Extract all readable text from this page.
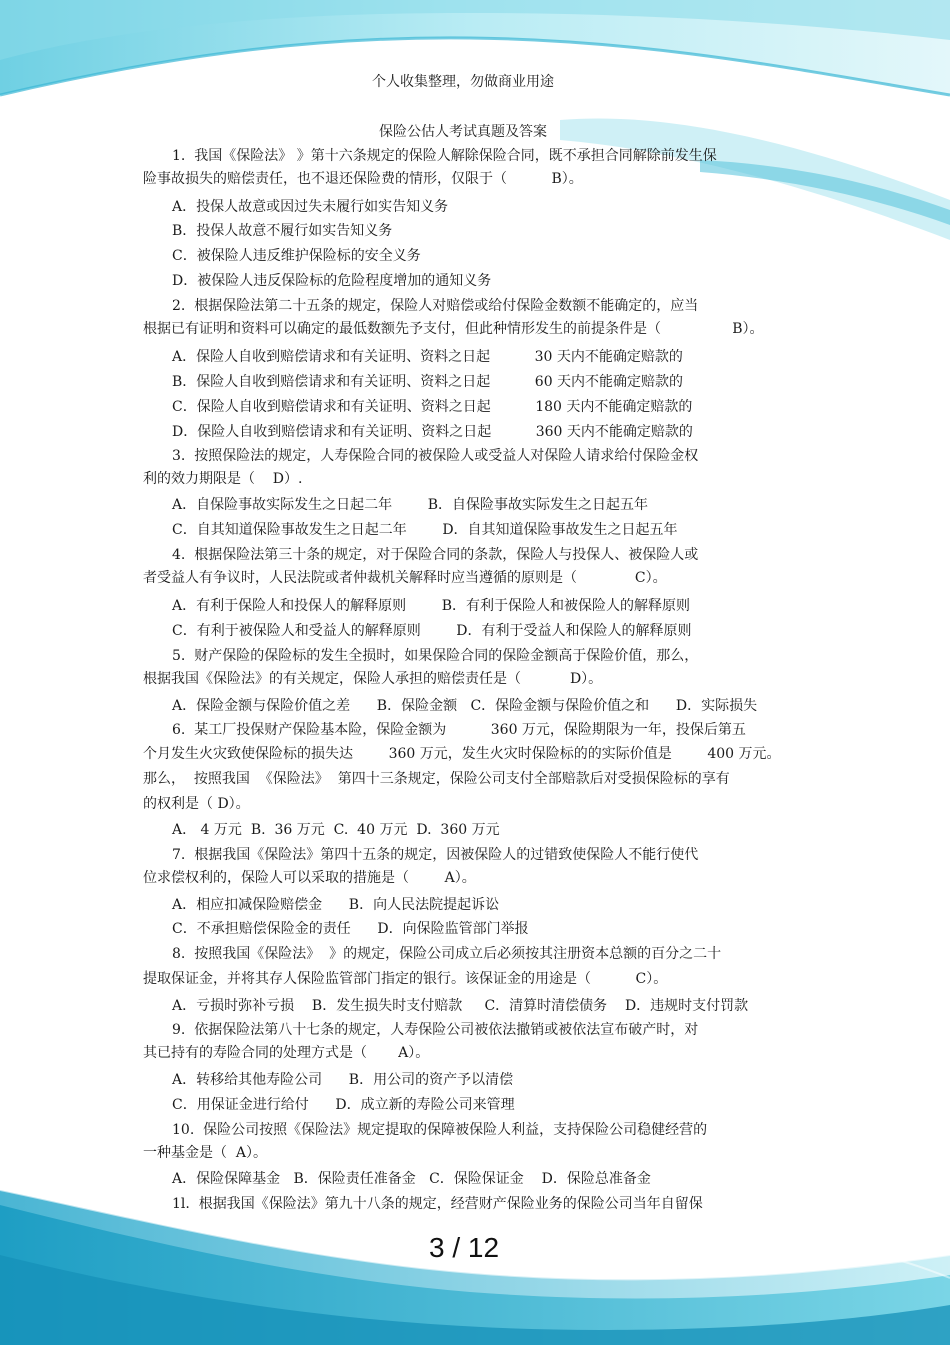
个人收集整理，勿做商业用途
保险公估人考试真题及答案
1.  我国《保险法》 》第十六条规定的保险人解除保险合同，既不承担合同解除前发生保
险事故损失的赔偿责任，也不退还保险费的情形，仅限于（          B）。
A．投保人故意或因过失未履行如实告知义务
B．投保人故意不履行如实告知义务
C．被保险人违反维护保险标的安全义务
D．被保险人违反保险标的危险程度增加的通知义务
2.  根据保险法第二十五条的规定，保险人对赔偿或给付保险金数额不能确定的，应当
根据已有证明和资料可以确定的最低数额先予支付，但此种情形发生的前提条件是（                B）。
A．保险人自收到赔偿请求和有关证明、资料之日起          30 天内不能确定赔款的
B．保险人自收到赔偿请求和有关证明、资料之日起          60 天内不能确定赔款的
C．保险人自收到赔偿请求和有关证明、资料之日起          180 天内不能确定赔款的
D．保险人自收到赔偿请求和有关证明、资料之日起          360 天内不能确定赔款的
3.  按照保险法的规定，人寿保险合同的被保险人或受益人对保险人请求给付保险金权
利的效力期限是（    D）.
A．自保险事故实际发生之日起二年        B．自保险事故实际发生之日起五年
C．自其知道保险事故发生之日起二年        D．自其知道保险事故发生之日起五年
4.  根据保险法第三十条的规定，对于保险合同的条款，保险人与投保人、被保险人或
者受益人有争议时，人民法院或者仲裁机关解释时应当遵循的原则是（             C）。
A．有利于保险人和投保人的解释原则        B．有利于保险人和被保险人的解释原则
C．有利于被保险人和受益人的解释原则        D．有利于受益人和保险人的解释原则
5.  财产保险的保险标的发生全损时，如果保险合同的保险金额高于保险价值，那么，
根据我国《保险法》的有关规定，保险人承担的赔偿责任是（           D）。
A．保险金额与保险价值之差      B．保险金额   C．保险金额与保险价值之和      D．实际损失
6.  某工厂投保财产保险基本险，保险金额为          360 万元，保险期限为一年，投保后第五
个月发生火灾致使保险标的损失达        360 万元，发生火灾时保险标的的实际价值是        400 万元。
那么，  按照我国  《保险法》  第四十三条规定，保险公司支付全部赔款后对受损保险标的享有
的权利是（ D）。
A． 4 万元  B.  36 万元  C.  40 万元  D.  360 万元
7.  根据我国《保险法》第四十五条的规定，因被保险人的过错致使保险人不能行使代
位求偿权利的，保险人可以采取的措施是（        A）。
A．相应扣减保险赔偿金      B．向人民法院提起诉讼
C．不承担赔偿保险金的责任      D．向保险监管部门举报
8.  按照我国《保险法》  》的规定，保险公司成立后必须按其注册资本总额的百分之二十
提取保证金，并将其存人保险监管部门指定的银行。该保证金的用途是（          C）。
A．亏损时弥补亏损    B．发生损失时支付赔款     C．清算时清偿债务    D．违规时支付罚款
9.  依据保险法第八十七条的规定，人寿保险公司被依法撤销或被依法宣布破产时，对
其已持有的寿险合同的处理方式是（       A）。
A．转移给其他寿险公司      B．用公司的资产予以清偿
C．用保证金进行给付      D．成立新的寿险公司来管理
10.  保险公司按照《保险法》规定提取的保障被保险人利益，支持保险公司稳健经营的
一种基金是（  A）。
A．保险保障基金   B．保险责任准备金   C．保险保证金    D．保险总准备金
1l.  根据我国《保险法》第九十八条的规定，经营财产保险业务的保险公司当年自留保
3 / 12
